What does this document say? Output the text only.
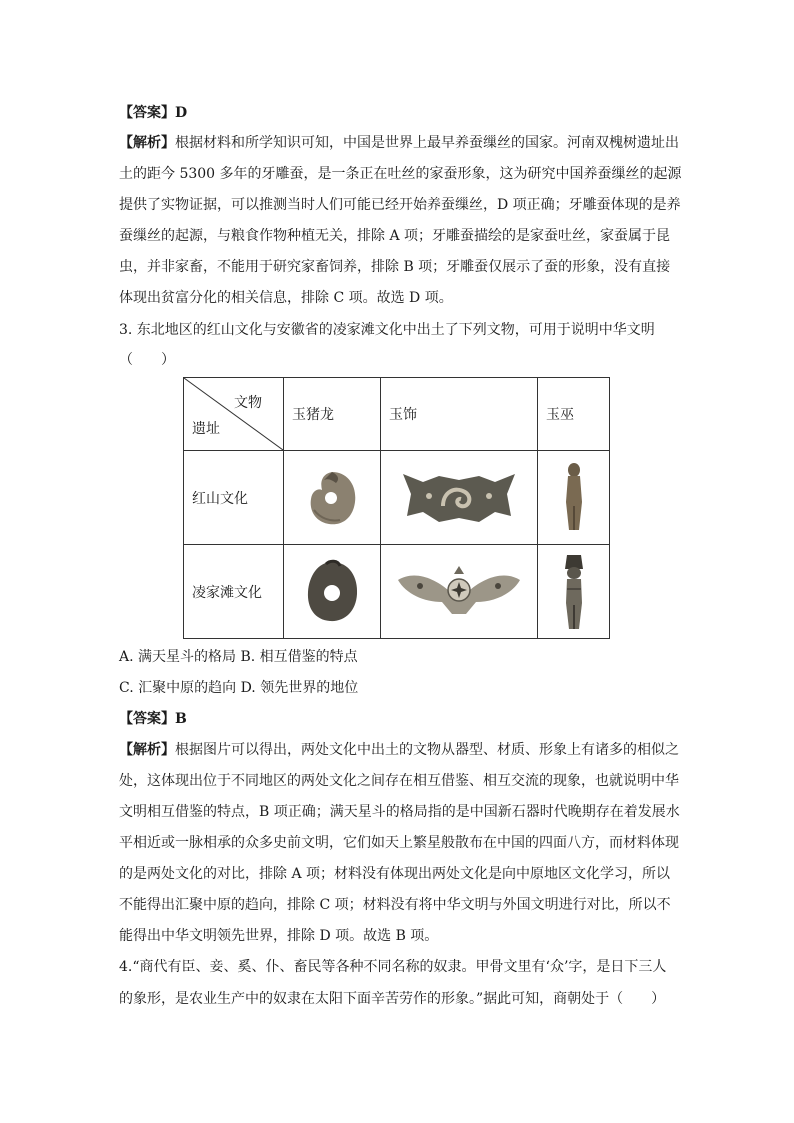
【答案】D
【解析】根据材料和所学知识可知，中国是世界上最早养蚕缫丝的国家。河南双槐树遗址出
土的距今 5300 多年的牙雕蚕，是一条正在吐丝的家蚕形象，这为研究中国养蚕缫丝的起源
提供了实物证据，可以推测当时人们可能已经开始养蚕缫丝，D 项正确；牙雕蚕体现的是养
蚕缫丝的起源，与粮食作物种植无关，排除 A 项；牙雕蚕描绘的是家蚕吐丝，家蚕属于昆
虫，并非家畜，不能用于研究家畜饲养，排除 B 项；牙雕蚕仅展示了蚕的形象，没有直接
体现出贫富分化的相关信息，排除 C 项。故选 D 项。
3. 东北地区的红山文化与安徽省的凌家滩文化中出土了下列文物，可用于说明中华文明
（　　）
文物
遗址	玉猪龙	玉饰	玉巫

红山文化	

凌家滩文化	

A. 满天星斗的格局 B. 相互借鉴的特点
C. 汇聚中原的趋向 D. 领先世界的地位
【答案】B
【解析】根据图片可以得出，两处文化中出土的文物从器型、材质、形象上有诸多的相似之
处，这体现出位于不同地区的两处文化之间存在相互借鉴、相互交流的现象，也就说明中华
文明相互借鉴的特点，B 项正确；满天星斗的格局指的是中国新石器时代晚期存在着发展水
平相近或一脉相承的众多史前文明，它们如天上繁星般散布在中国的四面八方，而材料体现
的是两处文化的对比，排除 A 项；材料没有体现出两处文化是向中原地区文化学习，所以
不能得出汇聚中原的趋向，排除 C 项；材料没有将中华文明与外国文明进行对比，所以不
能得出中华文明领先世界，排除 D 项。故选 B 项。
4.“商代有臣、妾、奚、仆、畜民等各种不同名称的奴隶。甲骨文里有‘众’字，是日下三人
的象形，是农业生产中的奴隶在太阳下面辛苦劳作的形象。”据此可知，商朝处于（　　）
